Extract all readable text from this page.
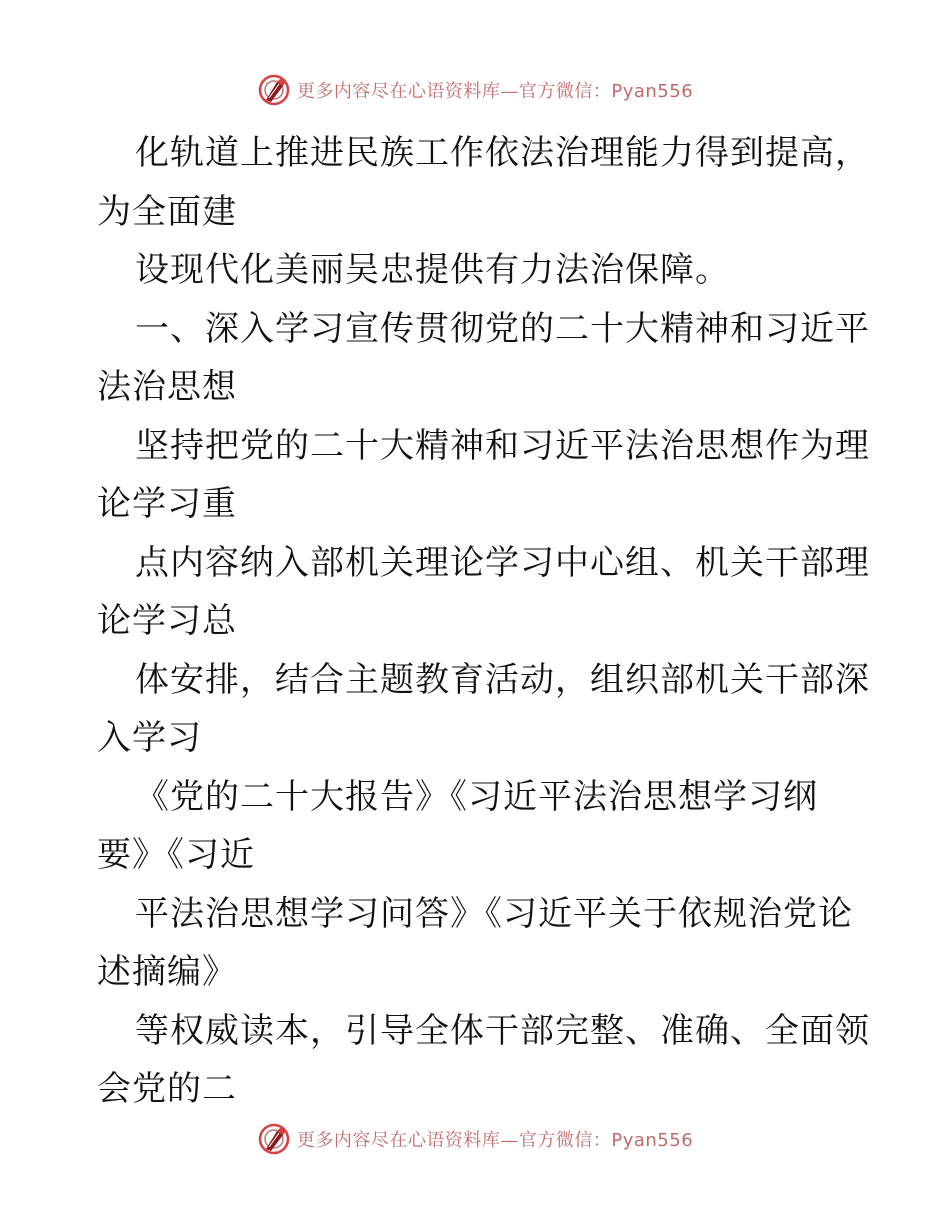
更多内容尽在心语资料库—官方微信：Pyan556
化轨道上推进民族工作依法治理能力得到提高，
为全面建
设现代化美丽吴忠提供有力法治保障。
一、深入学习宣传贯彻党的二十大精神和习近平
法治思想
坚持把党的二十大精神和习近平法治思想作为理
论学习重
点内容纳入部机关理论学习中心组、机关干部理
论学习总
体安排，结合主题教育活动，组织部机关干部深
入学习
《党的二十大报告》《习近平法治思想学习纲
要》《习近
平法治思想学习问答》《习近平关于依规治党论
述摘编》
等权威读本，引导全体干部完整、准确、全面领
会党的二
更多内容尽在心语资料库—官方微信：Pyan556
